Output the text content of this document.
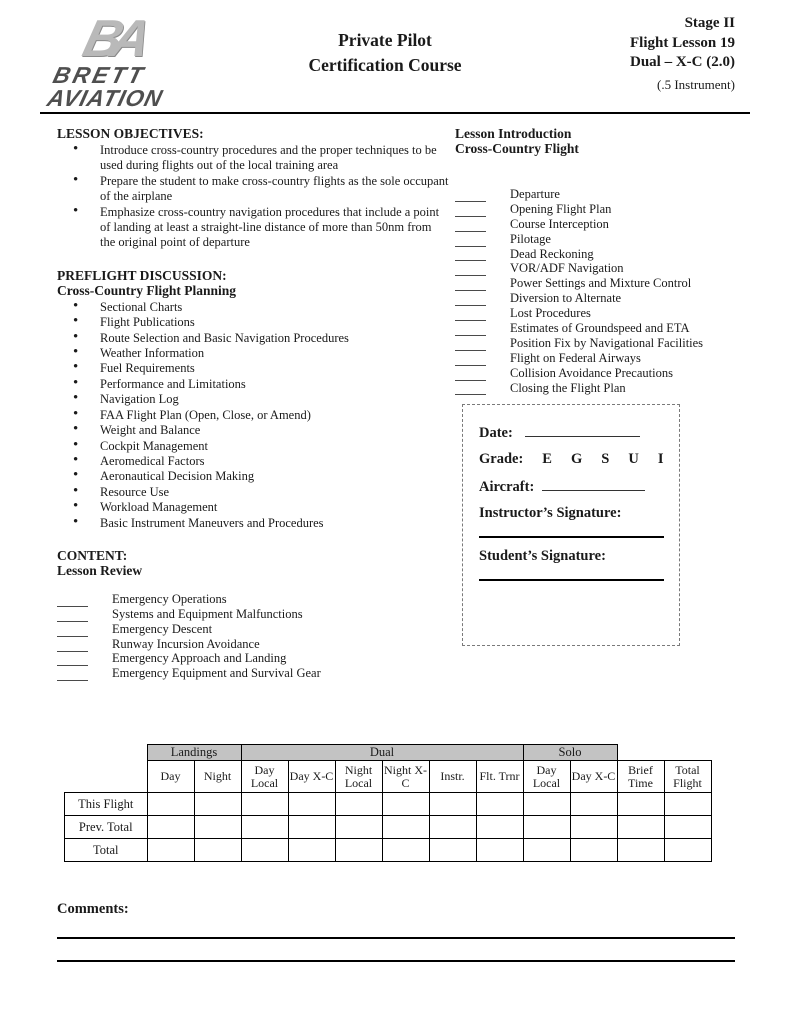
BA
BRETT
AVIATION
Private Pilot
Certification Course
Stage II
Flight Lesson 19
Dual – X-C (2.0)
(.5 Instrument)
LESSON OBJECTIVES:
• Introduce cross-country procedures and the proper techniques to be used during flights out of the local training area
• Prepare the student to make cross-country flights as the sole occupant of the airplane
• Emphasize cross-country navigation procedures that include a point of landing at least a straight-line distance of more than 50nm from the original point of departure
PREFLIGHT DISCUSSION:
Cross-Country Flight Planning
• Sectional Charts
• Flight Publications
• Route Selection and Basic Navigation Procedures
• Weather Information
• Fuel Requirements
• Performance and Limitations
• Navigation Log
• FAA Flight Plan (Open, Close, or Amend)
• Weight and Balance
• Cockpit Management
• Aeromedical Factors
• Aeronautical Decision Making
• Resource Use
• Workload Management
• Basic Instrument Maneuvers and Procedures
CONTENT:
Lesson Review
Emergency Operations
Systems and Equipment Malfunctions
Emergency Descent
Runway Incursion Avoidance
Emergency Approach and Landing
Emergency Equipment and Survival Gear
Lesson Introduction
Cross-Country Flight
Departure
Opening Flight Plan
Course Interception
Pilotage
Dead Reckoning
VOR/ADF Navigation
Power Settings and Mixture Control
Diversion to Alternate
Lost Procedures
Estimates of Groundspeed and ETA
Position Fix by Navigational Facilities
Flight on Federal Airways
Collision Avoidance Precautions
Closing the Flight Plan
Date:
Grade: E G S U I
Aircraft:
Instructor’s Signature:
Student’s Signature:
	Landings		Dual						Solo			
	Day	Night	Day Local	Day X-C	Night Local	Night X-C	Instr.	Flt. Trnr	Day Local	Day X-C	Brief Time	Total Flight
This Flight												
Prev. Total												
Total												
Comments:
